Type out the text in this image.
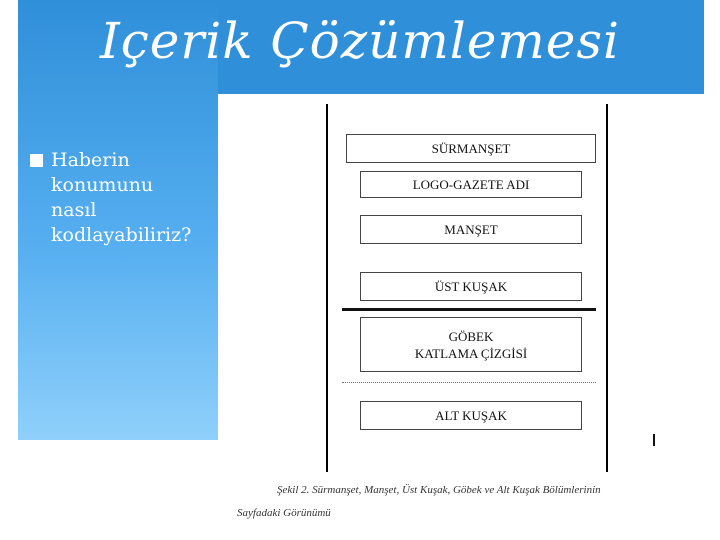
Içerik Çözümlemesi
Haberin
konumunu
nasıl
kodlayabiliriz?
SÜRMANŞET
LOGO-GAZETE ADI
MANŞET
ÜST KUŞAK
GÖBEK
KATLAMA ÇİZGİSİ
ALT KUŞAK
Şekil 2. Sürmanşet, Manşet, Üst Kuşak, Göbek ve Alt Kuşak Bölümlerinin
Sayfadaki Görünümü
